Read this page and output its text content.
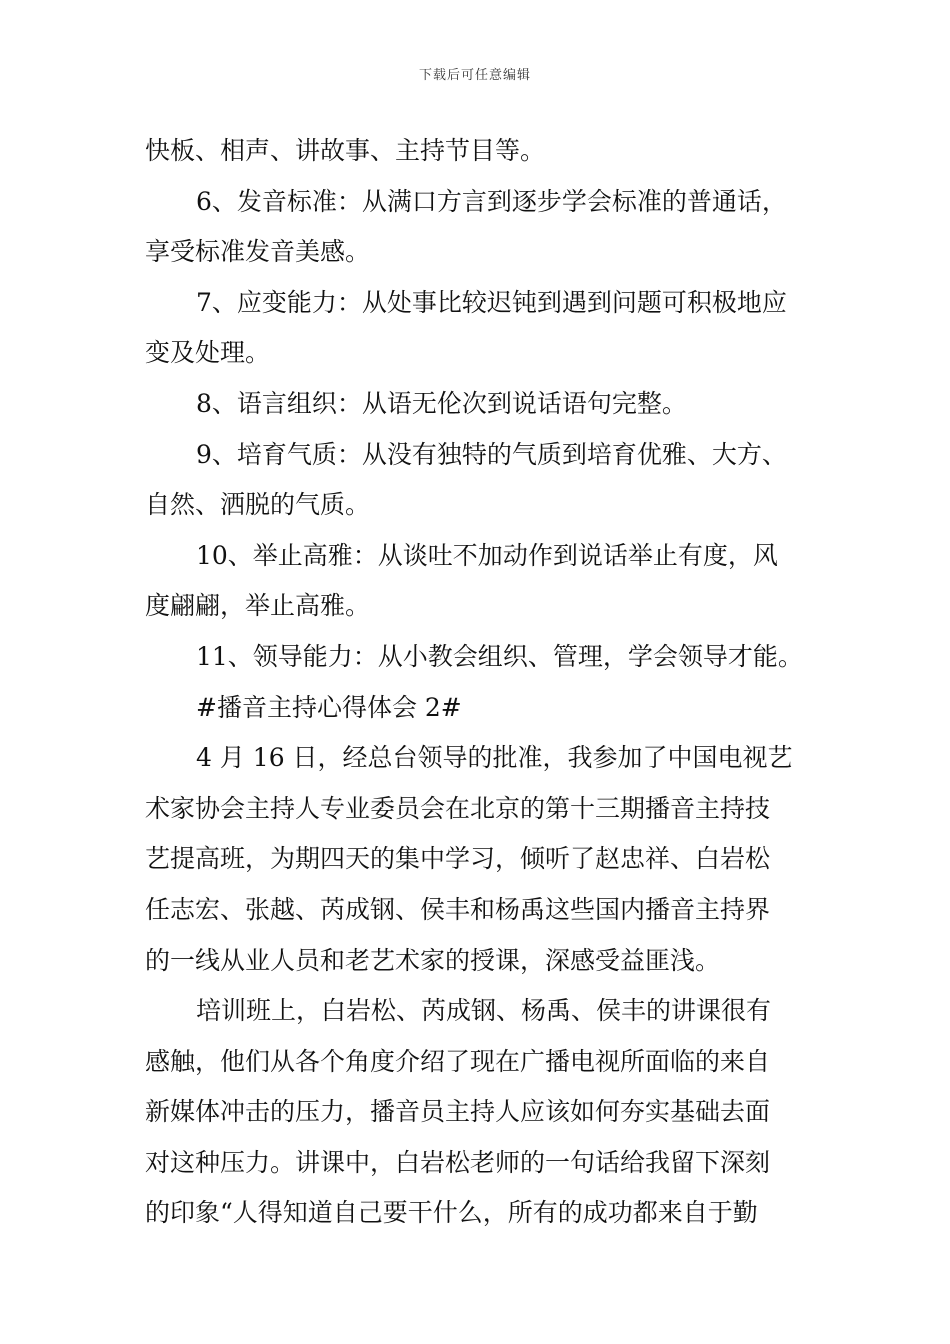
下载后可任意编辑
快板、相声、讲故事、主持节目等。
6、发音标准：从满口方言到逐步学会标准的普通话，
享受标准发音美感。
7、应变能力：从处事比较迟钝到遇到问题可积极地应
变及处理。
8、语言组织：从语无伦次到说话语句完整。
9、培育气质：从没有独特的气质到培育优雅、大方、
自然、洒脱的气质。
10、举止高雅：从谈吐不加动作到说话举止有度，风
度翩翩，举止高雅。
11、领导能力：从小教会组织、管理，学会领导才能。
#播音主持心得体会 2#
4 月 16 日，经总台领导的批准，我参加了中国电视艺
术家协会主持人专业委员会在北京的第十三期播音主持技
艺提高班，为期四天的集中学习，倾听了赵忠祥、白岩松
任志宏、张越、芮成钢、侯丰和杨禹这些国内播音主持界
的一线从业人员和老艺术家的授课，深感受益匪浅。
培训班上，白岩松、芮成钢、杨禹、侯丰的讲课很有
感触，他们从各个角度介绍了现在广播电视所面临的来自
新媒体冲击的压力，播音员主持人应该如何夯实基础去面
对这种压力。讲课中，白岩松老师的一句话给我留下深刻
的印象“人得知道自己要干什么，所有的成功都来自于勤
